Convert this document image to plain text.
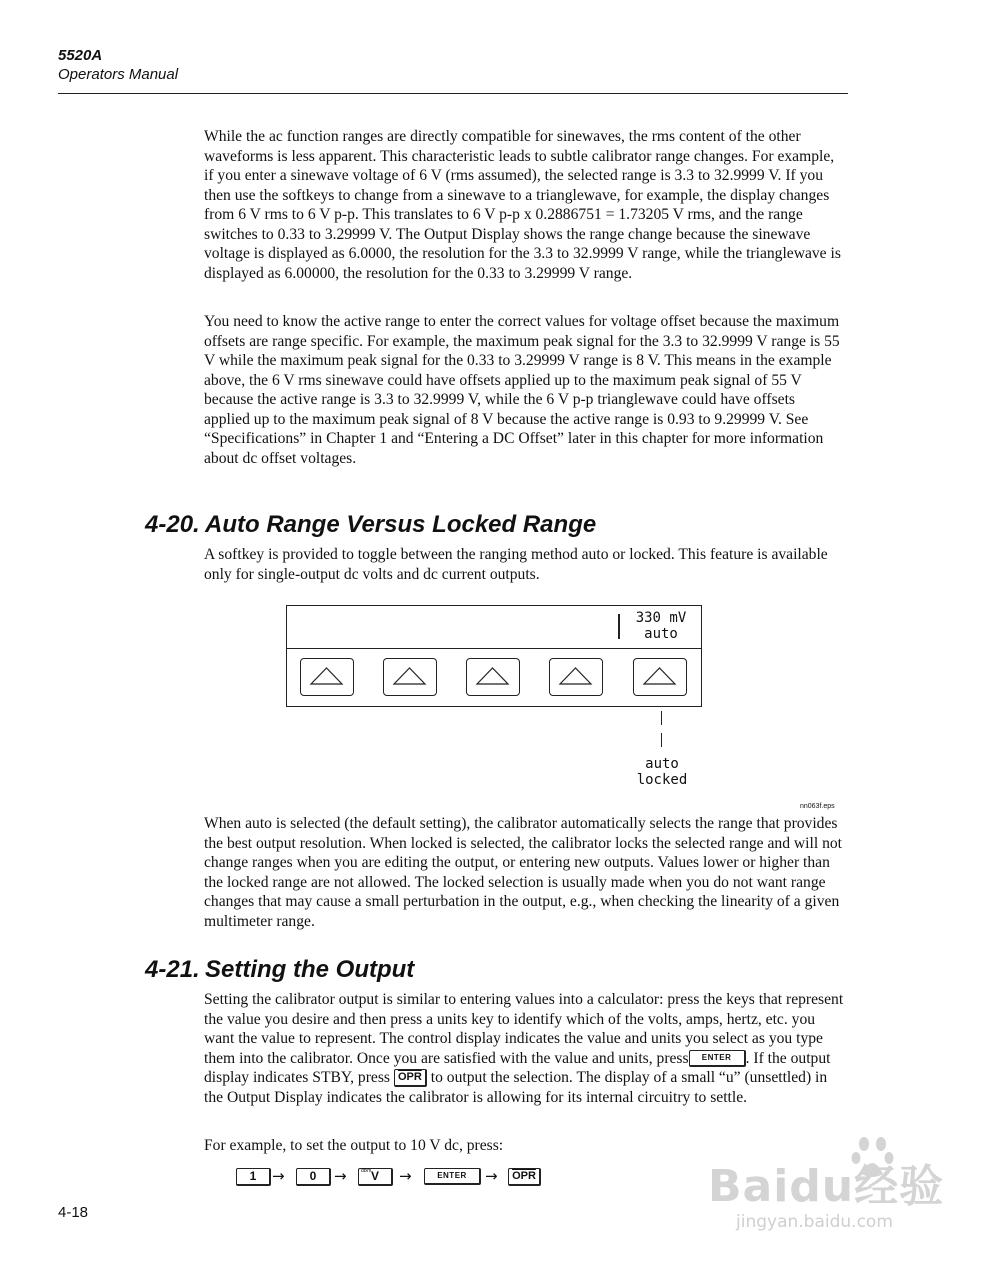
5520A
Operators Manual

While the ac function ranges are directly compatible for sinewaves, the rms content of the other waveforms is less apparent. This characteristic leads to subtle calibrator range changes. For example, if you enter a sinewave voltage of 6 V (rms assumed), the selected range is 3.3 to 32.9999 V. If you then use the softkeys to change from a sinewave to a trianglewave, for example, the display changes from 6 V rms to 6 V p-p. This translates to 6 V p-p x 0.2886751 = 1.73205 V rms, and the range switches to 0.33 to 3.29999 V. The Output Display shows the range change because the sinewave voltage is displayed as 6.0000, the resolution for the 3.3 to 32.9999 V range, while the trianglewave is displayed as 6.00000, the resolution for the 0.33 to 3.29999 V range.

You need to know the active range to enter the correct values for voltage offset because the maximum offsets are range specific. For example, the maximum peak signal for the 3.3 to 32.9999 V range is 55 V while the maximum peak signal for the 0.33 to 3.29999 V range is 8 V. This means in the example above, the 6 V rms sinewave could have offsets applied up to the maximum peak signal of 55 V because the active range is 3.3 to 32.9999 V, while the 6 V p-p trianglewave could have offsets applied up to the maximum peak signal of 8 V because the active range is 0.93 to 9.29999 V. See “Specifications” in Chapter 1 and “Entering a DC Offset” later in this chapter for more information about dc offset voltages.

4-20. Auto Range Versus Locked Range

A softkey is provided to toggle between the ranging method auto or locked. This feature is available only for single-output dc volts and dc current outputs.

330 mV
auto
auto
locked
nn063f.eps

When auto is selected (the default setting), the calibrator automatically selects the range that provides the best output resolution. When locked is selected, the calibrator locks the selected range and will not change ranges when you are editing the output, or entering new outputs. Values lower or higher than the locked range are not allowed. The locked selection is usually made when you do not want range changes that may cause a small perturbation in the output, e.g., when checking the linearity of a given multimeter range.

4-21. Setting the Output

Setting the calibrator output is similar to entering values into a calculator: press the keys that represent the value you desire and then press a units key to identify which of the volts, amps, hertz, etc. you want the value to represent. The control display indicates the value and units you select as you type them into the calibrator. Once you are satisfied with the value and units, press ENTER . If the output display indicates STBY, press $\overline{OPR}$ to output the selection. The display of a small “u” (unsettled) in the Output Display indicates the calibrator is allowing for its internal circuitry to settle.

For example, to set the output to 10 V dc, press:

1	→	0	→	dBm V	→	ENTER	→	$\overline{OPR}$
4-18
Baidu经验
jingyan.baidu.com
